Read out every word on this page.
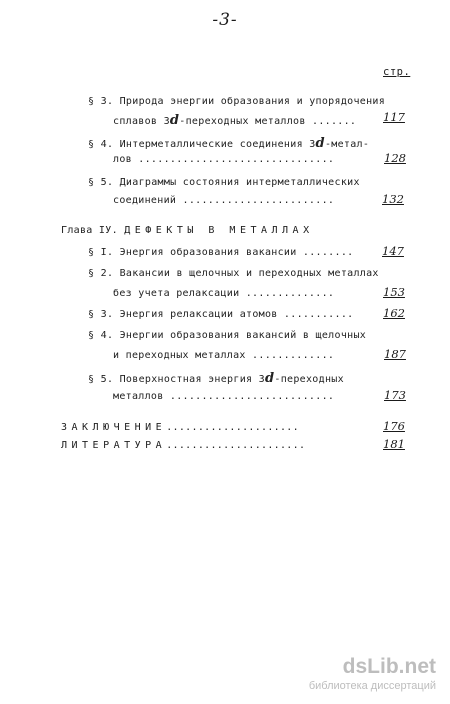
-3-
стр.
§ 3. Природа энергии образования и упорядочения
сплавов 3d-переходных металлов ....... 117
§ 4. Интерметаллические соединения 3d-метал-
лов ...............................	128
§ 5. Диаграммы состояния интерметаллических
соединений ........................	132
Глава IУ. ДЕФЕКТЫ В МЕТАЛЛАХ
§ I. Энергия образования вакансии ........ 147
§ 2. Вакансии в щелочных и переходных металлах
без учета релаксации ..............	153
§ 3. Энергия релаксации атомов ...........	162
§ 4. Энергии образования вакансий в щелочных
и переходных металлах .............	187
§ 5. Поверхностная энергия 3d-переходных
металлов ..........................	173
ЗАКЛЮЧЕНИЕ.....................	176
ЛИТЕРАТУРА......................	181
dsLib.net
библиотека диссертаций
